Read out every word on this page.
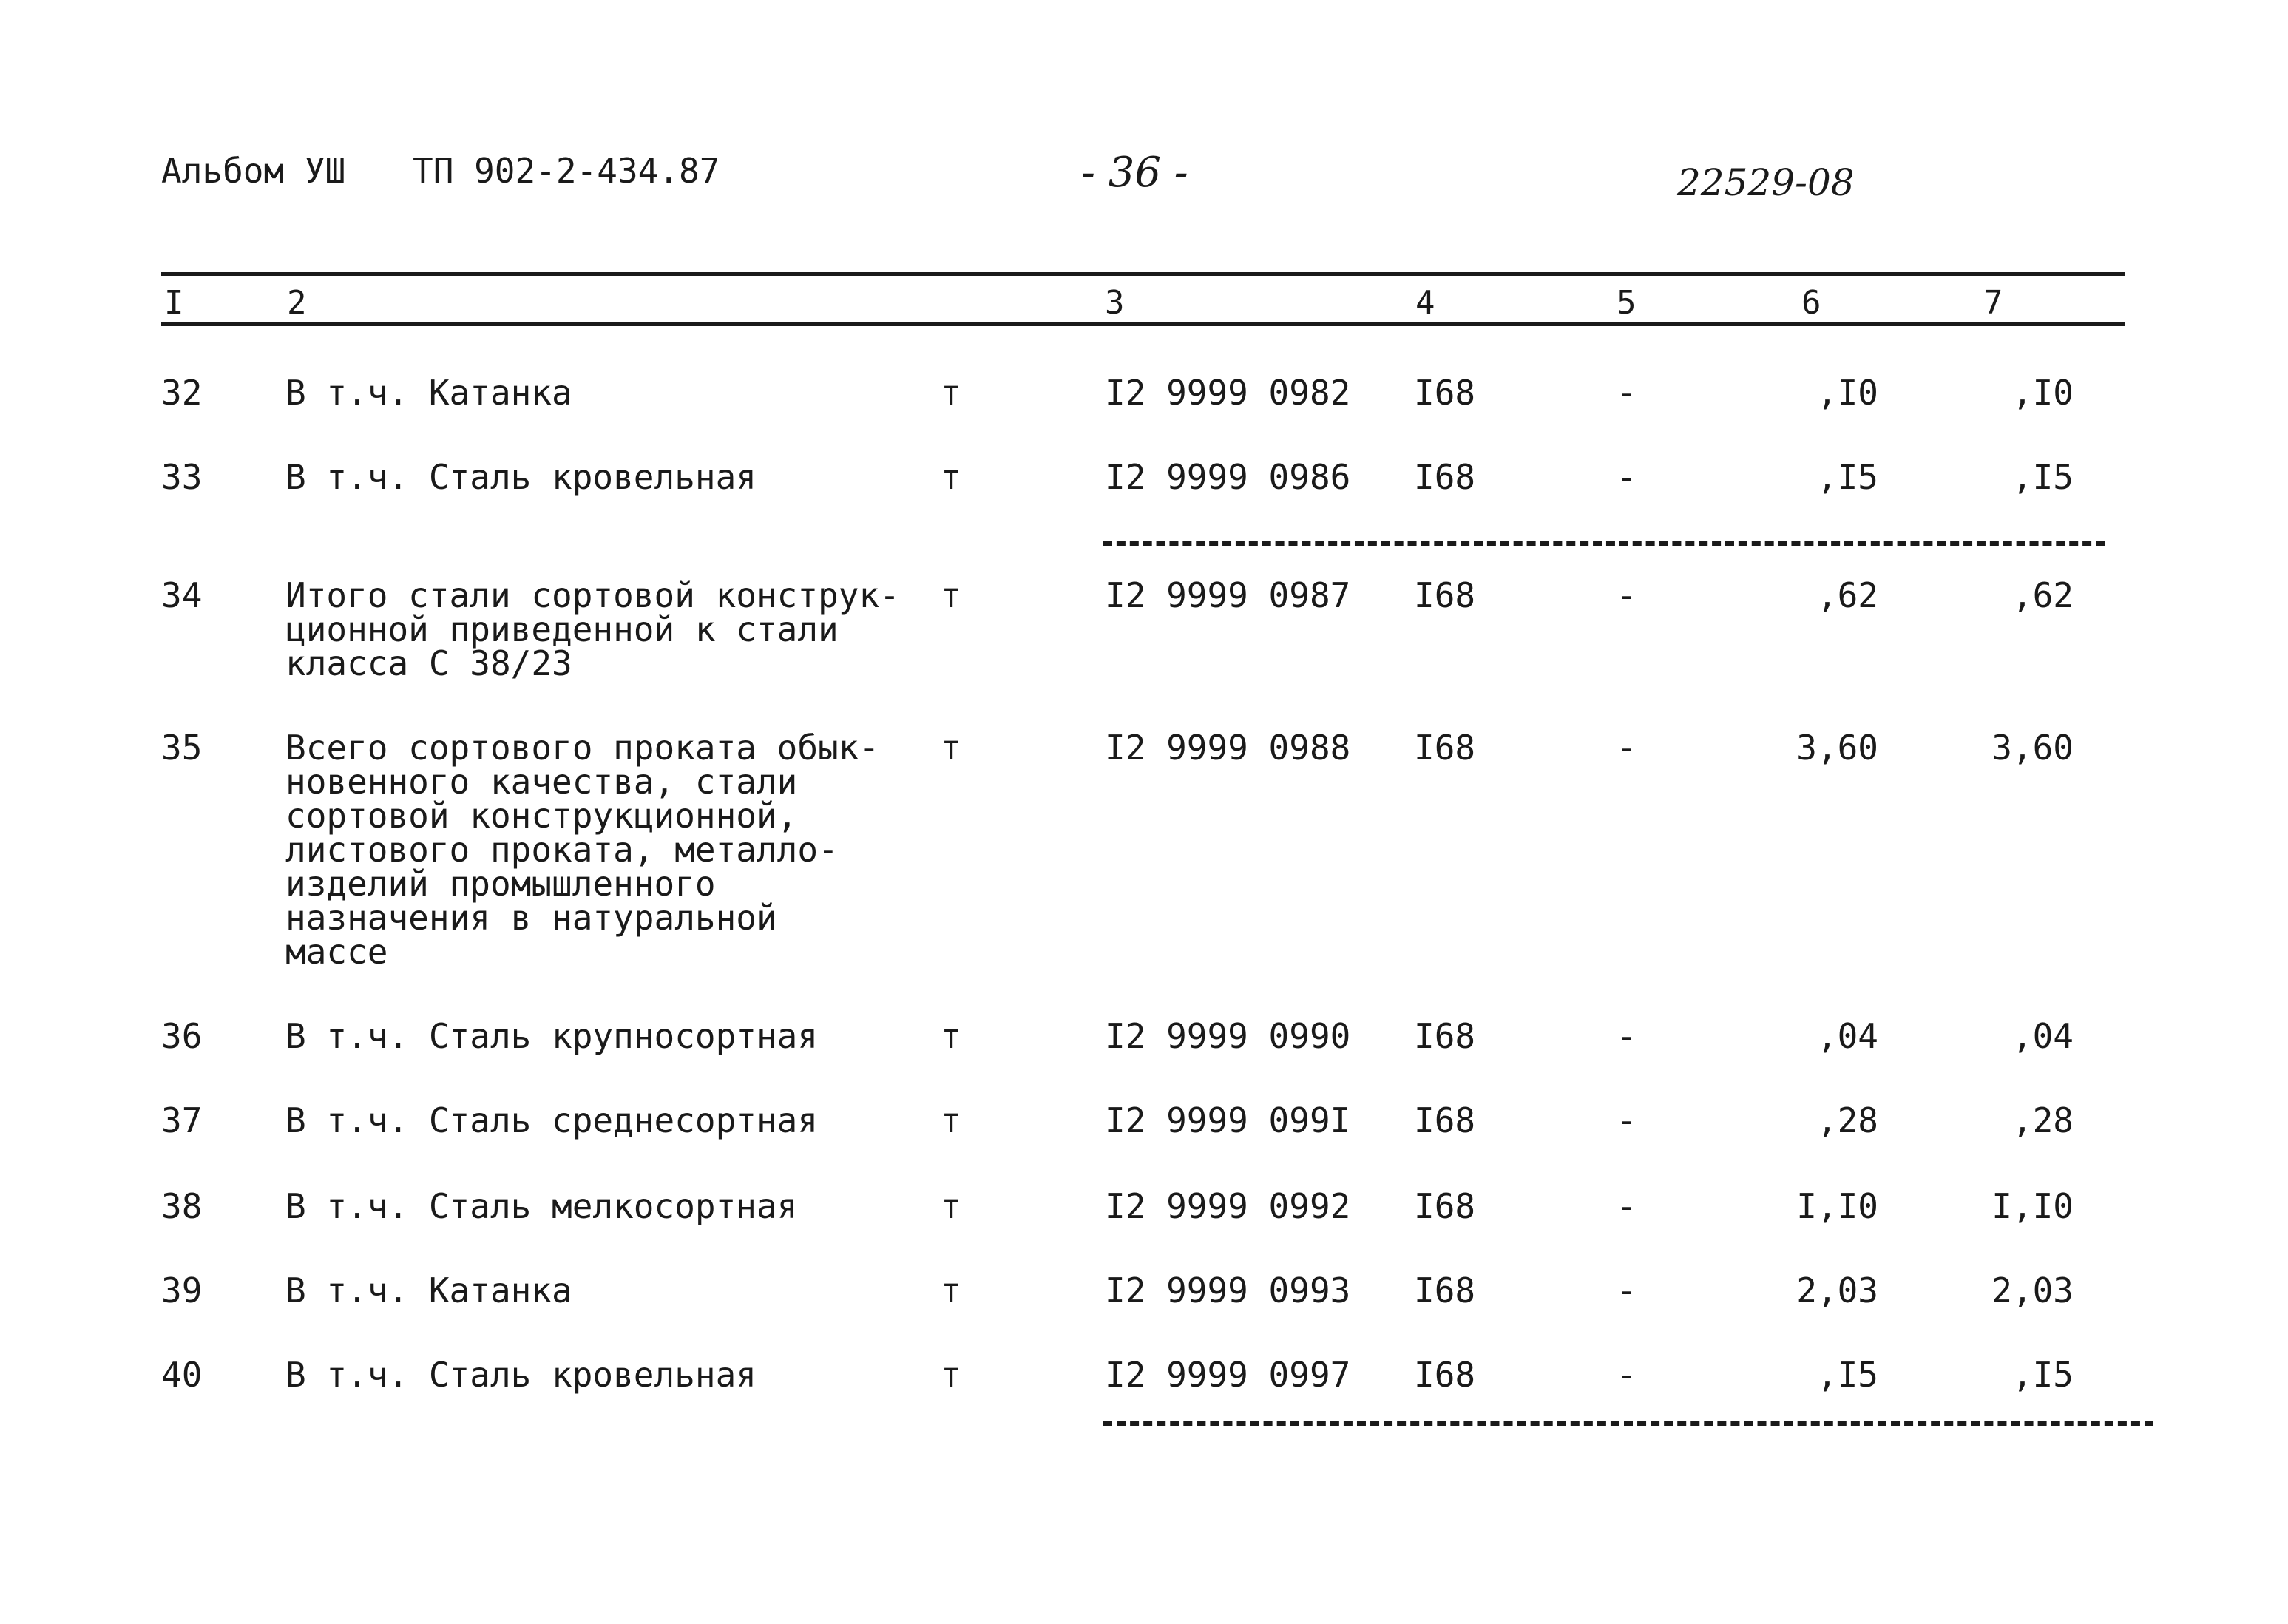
Альбом УШ ТП 902-2-434.87	- 36 -	22529-08
I	2	3	4	5	6	7
32 В т.ч. Катанка	т	I2 9999 0982 I68	-	,I0	,I0
33 В т.ч. Сталь кровельная	т	I2 9999 0986 I68	-	,I5	,I5
34 Итого стали сортовой конструк-
ционной приведенной к стали
класса С 38/23
т	I2 9999 0987 I68	-	,62	,62
35 Всего сортового проката обык-
новенного качества, стали
сортовой конструкционной,
листового проката, металло-
изделий промышленного
назначения в натуральной
массе
т	I2 9999 0988 I68	-	3,60	3,60
36 В т.ч. Сталь крупносортная	т	I2 9999 0990 I68	-	,04	,04
37 В т.ч. Сталь среднесортная	т	I2 9999 099I I68	-	,28	,28
38 В т.ч. Сталь мелкосортная	т	I2 9999 0992 I68	-	I,I0	I,I0
39 В т.ч. Катанка	т	I2 9999 0993 I68	-	2,03	2,03
40 В т.ч. Сталь кровельная	т	I2 9999 0997 I68	-	,I5	,I5
